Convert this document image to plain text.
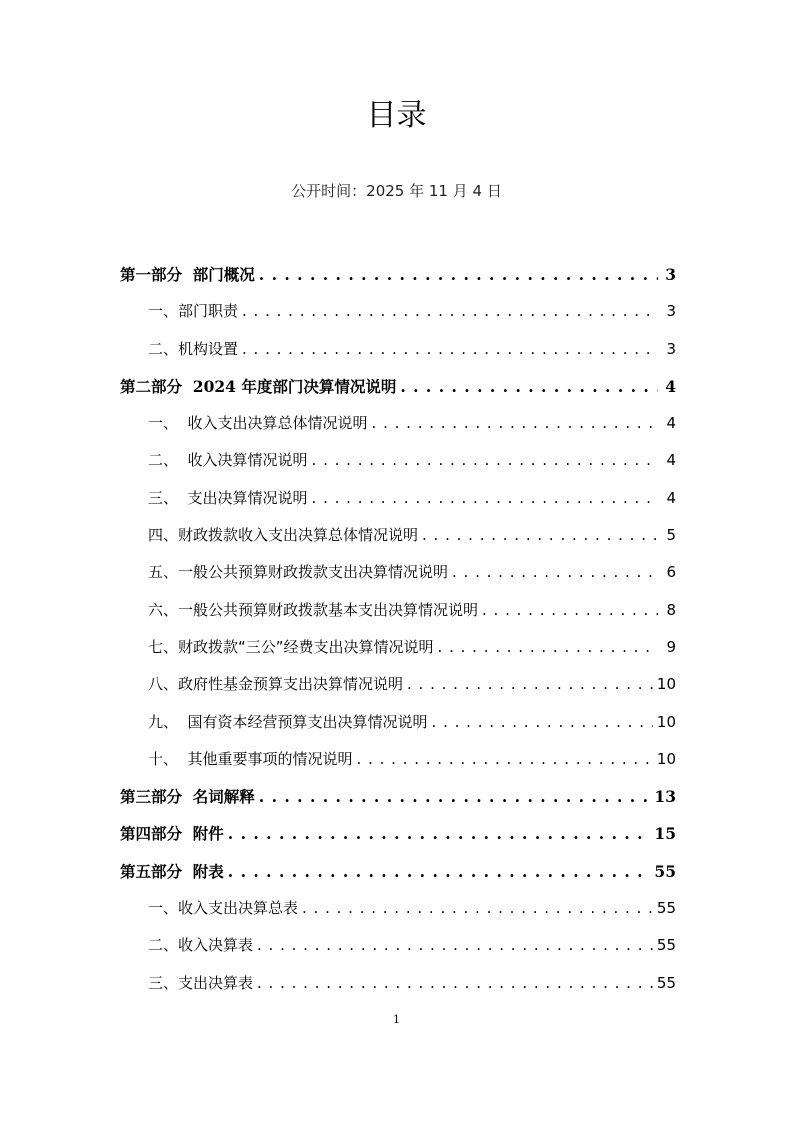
目录
公开时间：2025 年 11 月 4 日
第一部分  部门概况 . . .	3
一、部门职责 . . .	3
二、机构设置 . . .	3
第二部分  2024 年度部门决算情况说明 . . .	4
一、  收入支出决算总体情况说明 . . .	4
二、  收入决算情况说明 . . .	4
三、  支出决算情况说明 . . .	4
四、财政拨款收入支出决算总体情况说明 . . .	5
五、一般公共预算财政拨款支出决算情况说明 . . .	6
六、一般公共预算财政拨款基本支出决算情况说明 . . .	8
七、财政拨款“三公”经费支出决算情况说明 . . .	9
八、政府性基金预算支出决算情况说明 . . .	10
九、  国有资本经营预算支出决算情况说明 . . .	10
十、  其他重要事项的情况说明 . . .	10
第三部分  名词解释 . . .	13
第四部分  附件 . . .	15
第五部分  附表 . . .	55
一、收入支出决算总表 . . .	55
二、收入决算表 . . .	55
三、支出决算表 . . .	55
1
